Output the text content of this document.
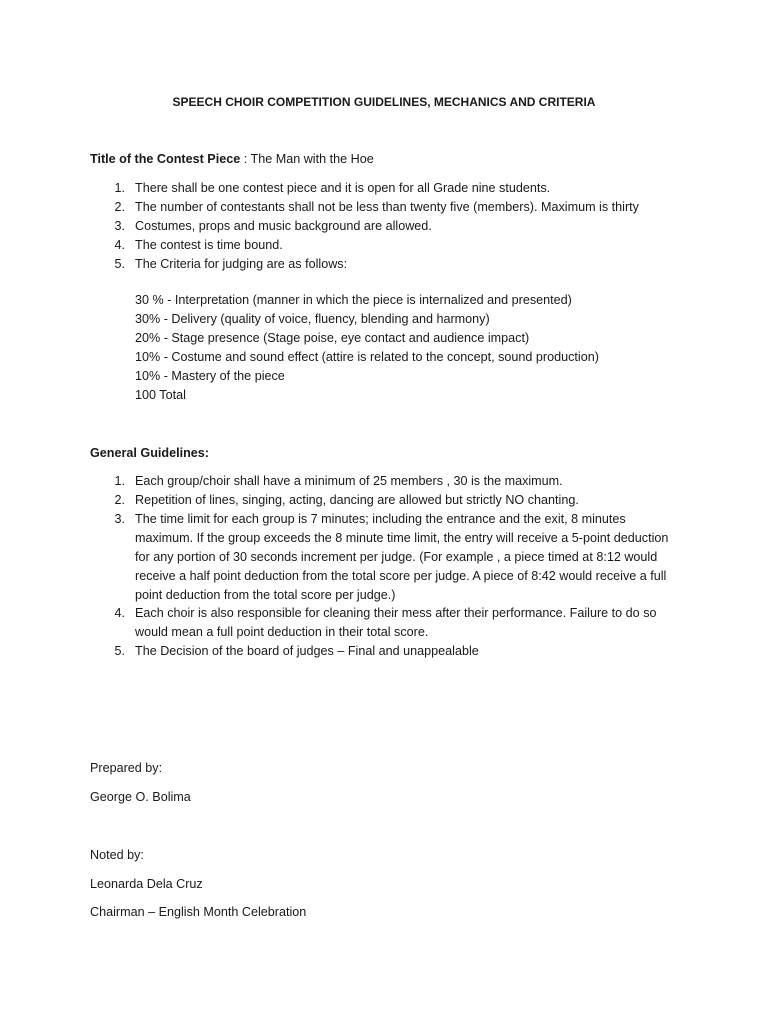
SPEECH CHOIR COMPETITION GUIDELINES, MECHANICS AND CRITERIA
Title of the Contest Piece : The Man with the Hoe
1. There shall be one contest piece and it is open for all Grade nine students.
2. The number of contestants shall not be less than twenty five (members). Maximum is thirty
3. Costumes, props and music background are allowed.
4. The contest is time bound.
5. The Criteria for judging are as follows:
30 % - Interpretation (manner in which the piece is internalized and presented)
30% - Delivery (quality of voice, fluency, blending and harmony)
20% - Stage presence (Stage poise, eye contact and audience impact)
10% - Costume and sound effect (attire is related to the concept, sound production)
10% - Mastery of the piece
100 Total
General Guidelines:
1. Each group/choir shall have a minimum of 25 members , 30 is the maximum.
2. Repetition of lines, singing, acting, dancing are allowed but strictly NO chanting.
3. The time limit for each group is 7 minutes; including the entrance and the exit, 8 minutes maximum. If the group exceeds the 8 minute time limit, the entry will receive a 5-point deduction for any portion of 30 seconds increment per judge. (For example , a piece timed at 8:12 would receive a half point deduction from the total score per judge. A piece of 8:42 would receive a full point deduction from the total score per judge.)
4. Each choir is also responsible for cleaning their mess after their performance. Failure to do so would mean a full point deduction in their total score.
5. The Decision of the board of judges – Final and unappealable
Prepared by:
George O. Bolima
Noted by:
Leonarda Dela Cruz
Chairman – English Month Celebration
